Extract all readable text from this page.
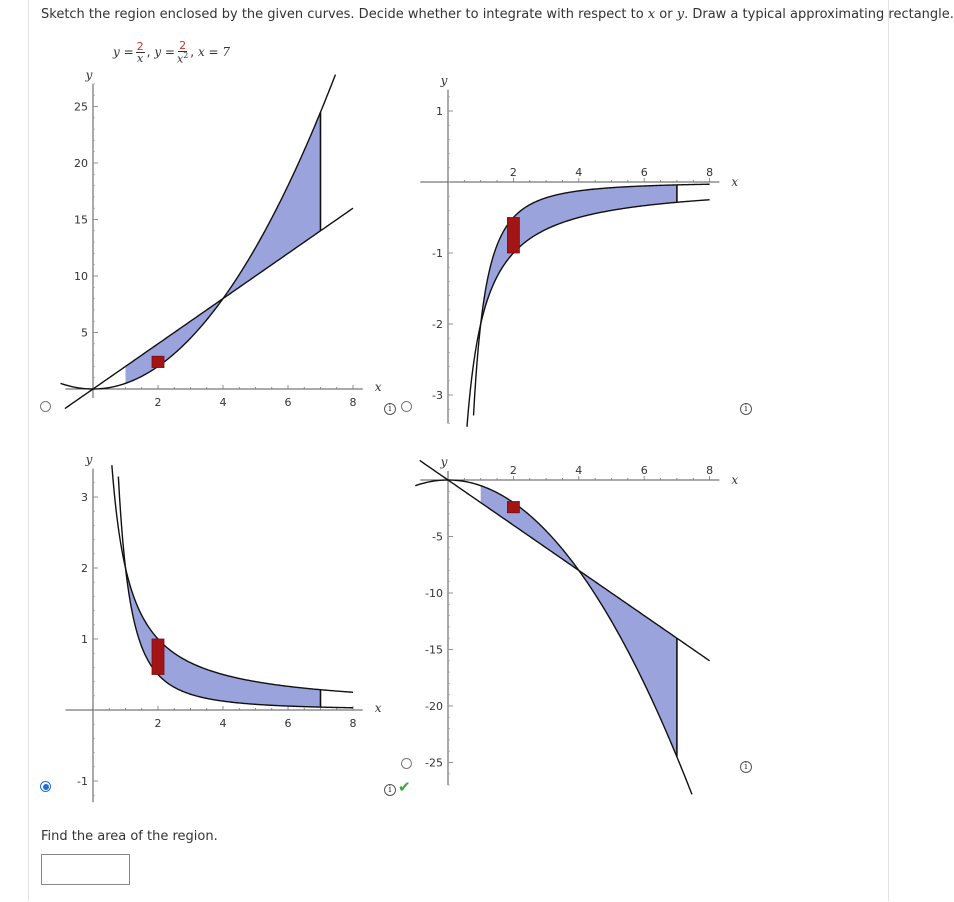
Sketch the region enclosed by the given curves. Decide whether to integrate with respect to x or y. Draw a typical approximating rectangle.
$y = \frac{2}{x}$ ,
$y = \frac{2}{x^2}$ ,
x = 7
2	4	6	8
5
10
15
20
25
x
y
2	4	6	8
1
-1
-2
-3
x
y
2	4	6	8
3
2
1
-1
x
y
2	4	6	8
-5
-10
-15
-20
-25
x
y
i	i
i
i
✔
Find the area of the region.
